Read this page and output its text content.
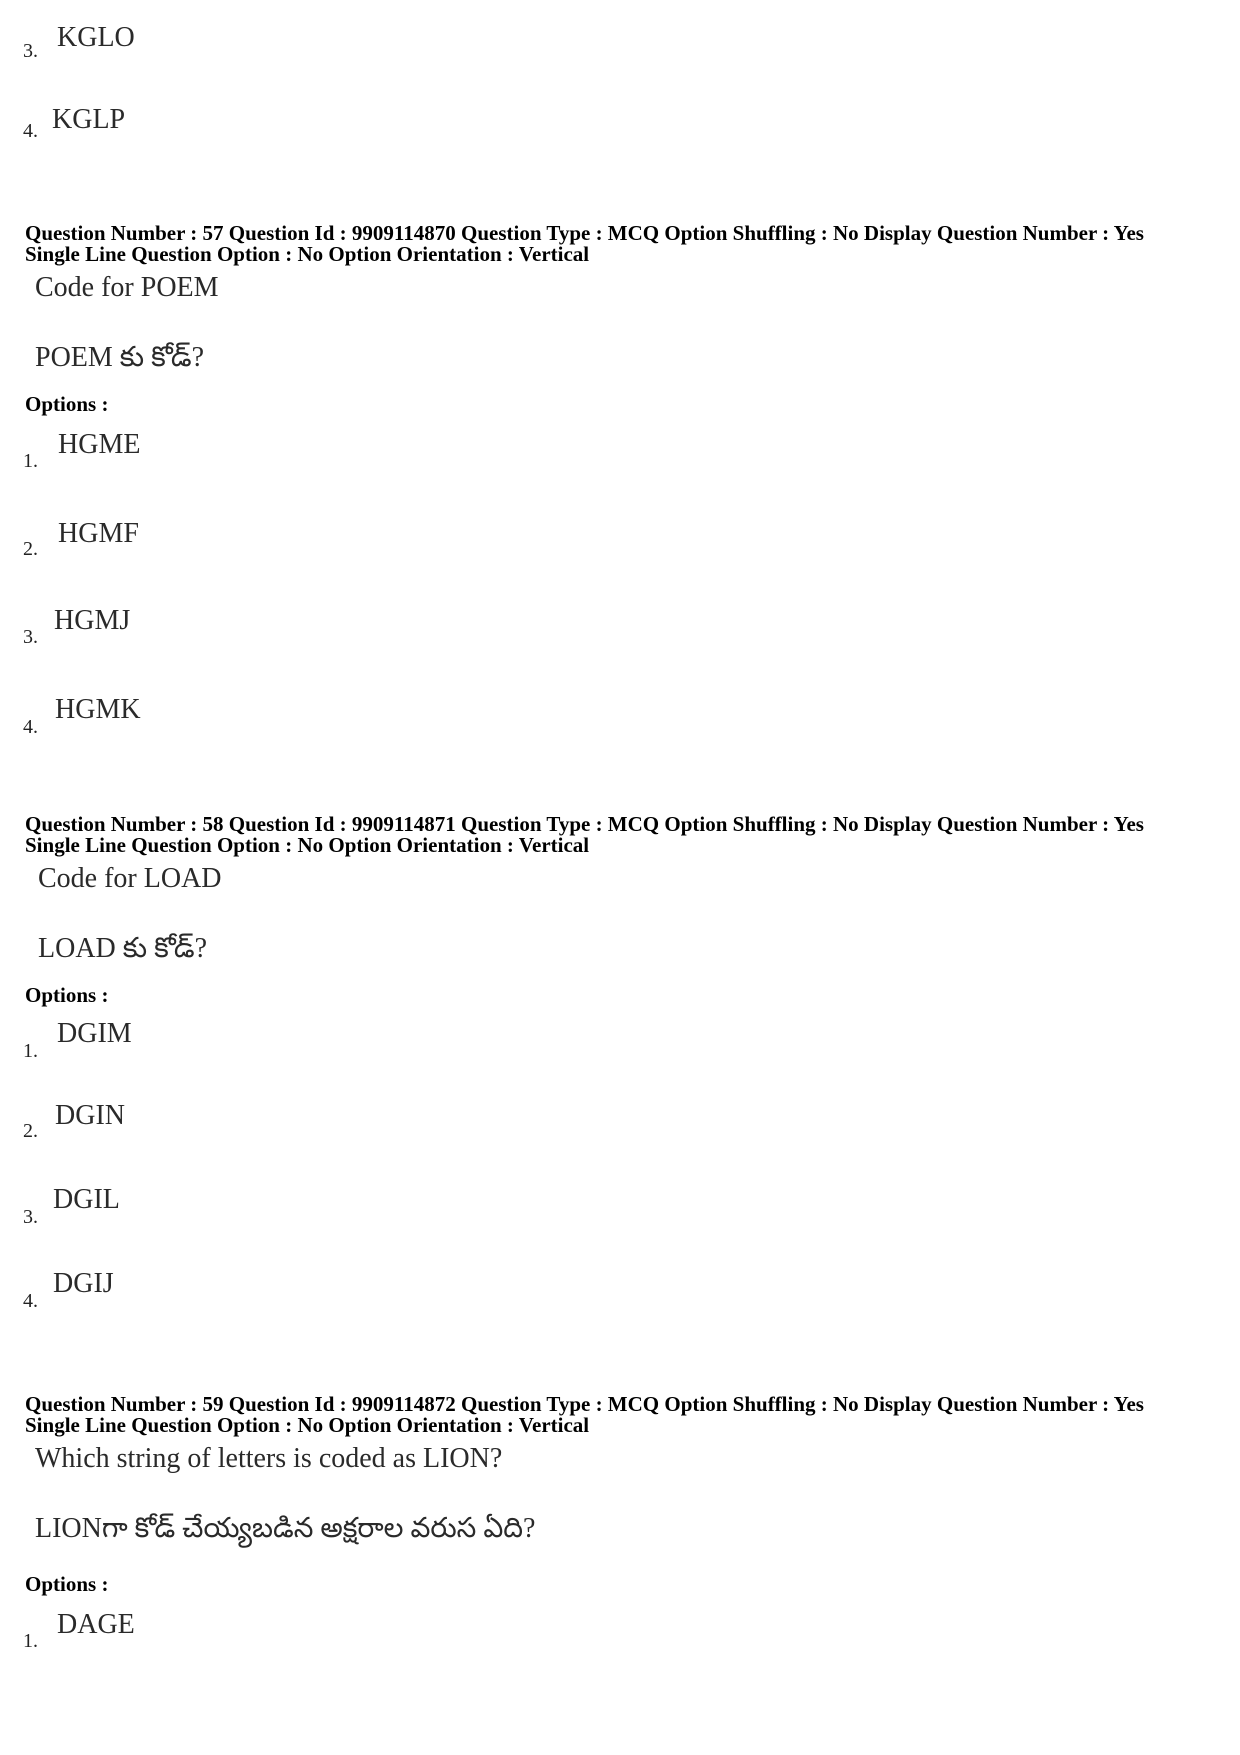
3. KGLO
4. KGLP
Question Number : 57 Question Id : 9909114870 Question Type : MCQ Option Shuffling : No Display Question Number : Yes
Single Line Question Option : No Option Orientation : Vertical
Code for POEM
POEM కు కోడ్?
Options :
1.
HGME
2. HGMF
3.
HGMJ
4.
HGMK
Question Number : 58 Question Id : 9909114871 Question Type : MCQ Option Shuffling : No Display Question Number : Yes
Single Line Question Option : No Option Orientation : Vertical
Code for LOAD
LOAD కు కోడ్?
Options :
1.
DGIM
2. DGIN
3.
DGIL
4.
DGIJ
Question Number : 59 Question Id : 9909114872 Question Type : MCQ Option Shuffling : No Display Question Number : Yes
Single Line Question Option : No Option Orientation : Vertical
Which string of letters is coded as LION?
LIONగా కోడ్ చేయ్యబడిన అక్షరాల వరుస ఏది?
Options :
1.
DAGE
